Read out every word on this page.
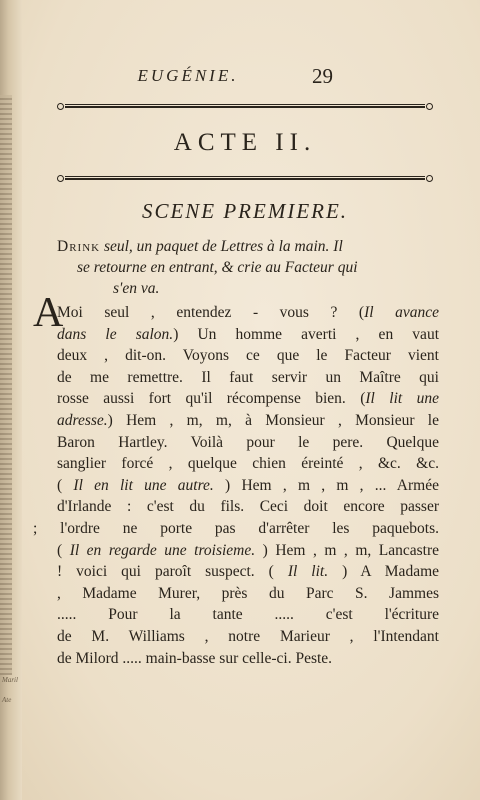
Maril
Ate
EUGÉNIE.	29
ACTE II.
SCENE PREMIERE.
Drink seul, un paquet de Lettres à la main. Il
se retourne en entrant, & crie au Facteur qui
s'en va.
A
Moi seul , entendez - vous ? (Il avance
dans le salon.) Un homme averti , en vaut
deux , dit-on. Voyons ce que le Facteur vient
de me remettre. Il faut servir un Maître qui
rosse aussi fort qu'il récompense bien. (Il lit une
adresse.) Hem , m, m, à Monsieur , Monsieur le
Baron Hartley. Voilà pour le pere. Quelque
sanglier forcé , quelque chien éreinté , &c. &c.
( Il en lit une autre. ) Hem , m , m , ... Armée
d'Irlande : c'est du fils. Ceci doit encore passer
; l'ordre ne porte pas d'arrêter les paquebots.
( Il en regarde une troisieme. ) Hem , m , m, Lancastre
! voici qui paroît suspect. ( Il lit. ) A Madame
, Madame Murer, près du Parc S. Jammes
..... Pour la tante ..... c'est l'écriture
de M. Williams , notre Marieur , l'Intendant
de Milord ..... main-basse sur celle-ci. Peste.
